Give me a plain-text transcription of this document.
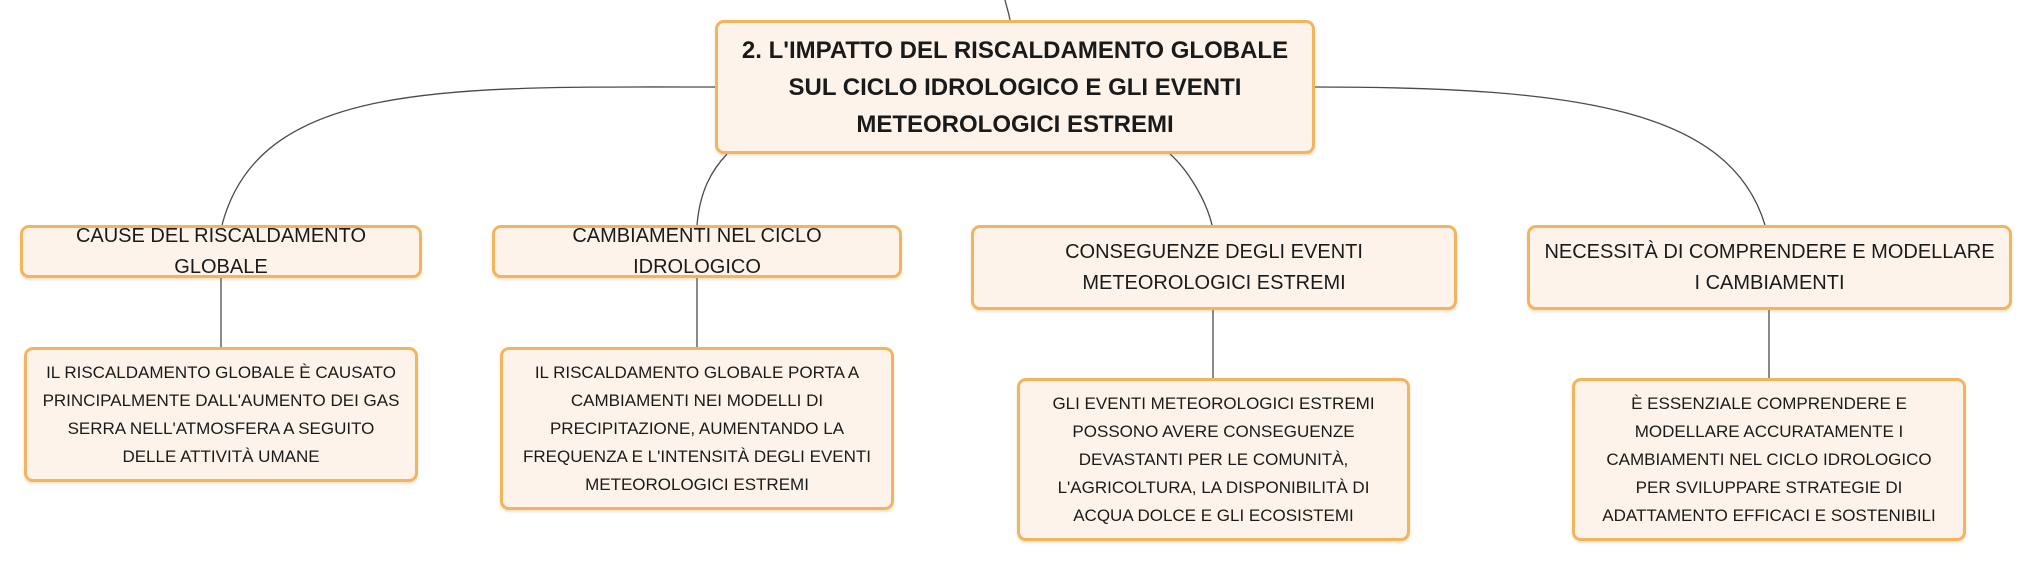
2. L'IMPATTO DEL RISCALDAMENTO GLOBALE SUL CICLO IDROLOGICO E GLI EVENTI METEOROLOGICI ESTREMI
CAUSE DEL RISCALDAMENTO GLOBALE
CAMBIAMENTI NEL CICLO IDROLOGICO
CONSEGUENZE DEGLI EVENTI METEOROLOGICI ESTREMI
NECESSITÀ DI COMPRENDERE E MODELLARE I CAMBIAMENTI
IL RISCALDAMENTO GLOBALE È CAUSATO PRINCIPALMENTE DALL'AUMENTO DEI GAS SERRA NELL'ATMOSFERA A SEGUITO DELLE ATTIVITÀ UMANE
IL RISCALDAMENTO GLOBALE PORTA A CAMBIAMENTI NEI MODELLI DI PRECIPITAZIONE, AUMENTANDO LA FREQUENZA E L'INTENSITÀ DEGLI EVENTI METEOROLOGICI ESTREMI
GLI EVENTI METEOROLOGICI ESTREMI POSSONO AVERE CONSEGUENZE DEVASTANTI PER LE COMUNITÀ, L'AGRICOLTURA, LA DISPONIBILITÀ DI ACQUA DOLCE E GLI ECOSISTEMI
È ESSENZIALE COMPRENDERE E MODELLARE ACCURATAMENTE I CAMBIAMENTI NEL CICLO IDROLOGICO PER SVILUPPARE STRATEGIE DI ADATTAMENTO EFFICACI E SOSTENIBILI
